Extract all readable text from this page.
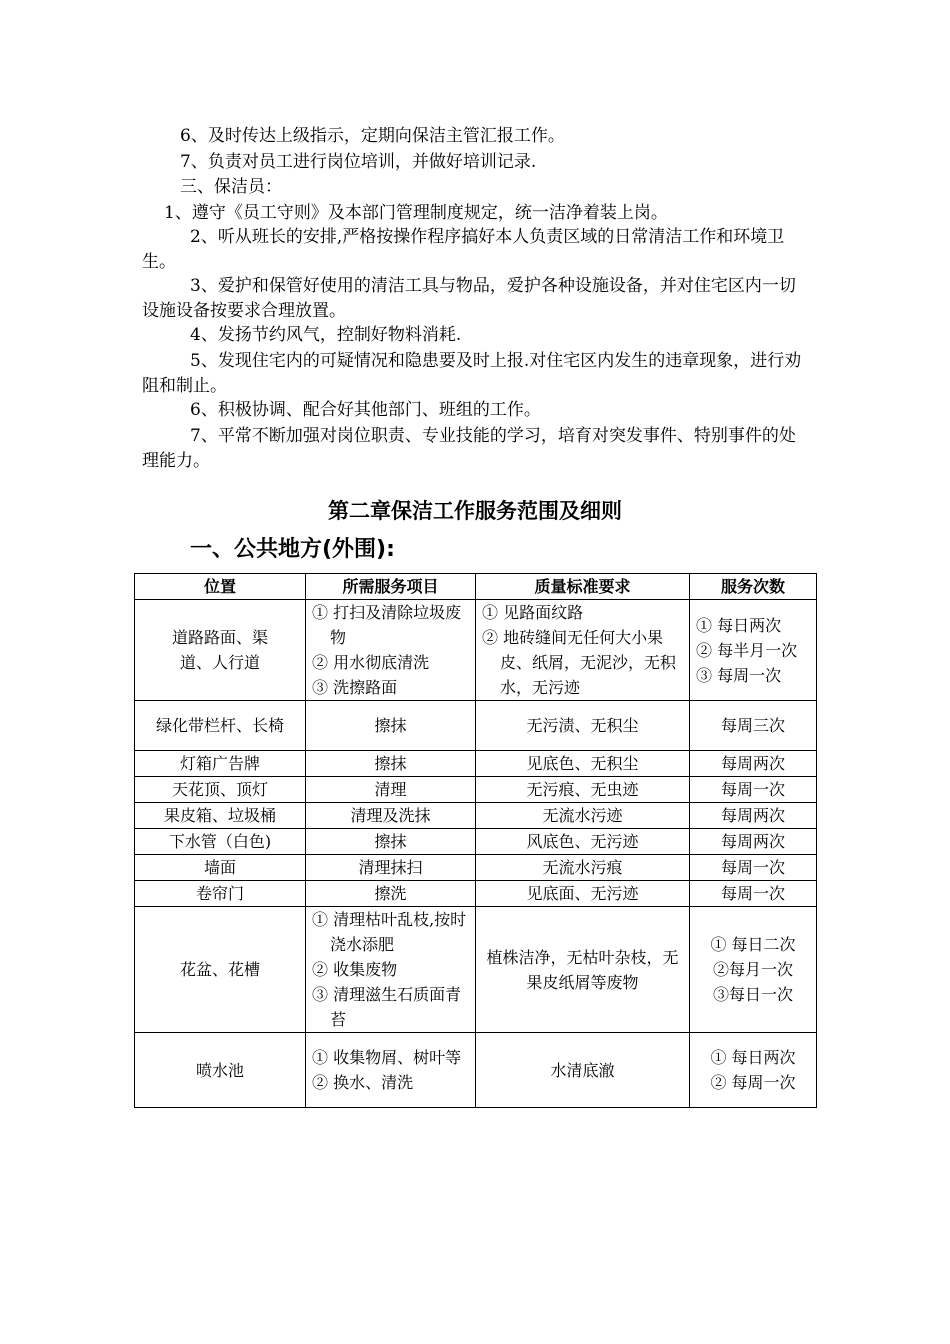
6、及时传达上级指示，定期向保洁主管汇报工作。

7、负责对员工进行岗位培训，并做好培训记录.

三、保洁员：

1、遵守《员工守则》及本部门管理制度规定，统一洁净着装上岗。

2、听从班长的安排,严格按操作程序搞好本人负责区域的日常清洁工作和环境卫生。

3、爱护和保管好使用的清洁工具与物品，爱护各种设施设备，并对住宅区内一切设施设备按要求合理放置。

4、发扬节约风气，控制好物料消耗.

5、发现住宅内的可疑情况和隐患要及时上报.对住宅区内发生的违章现象，进行劝阻和制止。

6、积极协调、配合好其他部门、班组的工作。

7、平常不断加强对岗位职责、专业技能的学习，培育对突发事件、特别事件的处理能力。

第二章保洁工作服务范围及细则
一、公共地方(外围):
位置	所需服务项目	质量标准要求	服务次数
道路路面、渠道、人行道	① 打扫及清除垃圾废物
② 用水彻底清洗
③ 洗擦路面	① 见路面纹路
② 地砖缝间无任何大小果皮、纸屑，无泥沙，无积水，无污迹	① 每日两次
② 每半月一次
③ 每周一次

绿化带栏杆、长椅	擦抹	无污渍、无积尘	每周三次
灯箱广告牌	擦抹	见底色、无积尘	每周两次
天花顶、顶灯	清理	无污痕、无虫迹	每周一次
果皮箱、垃圾桶	清理及洗抹	无流水污迹	每周两次
下水管（白色)	擦抹	风底色、无污迹	每周两次
墙面	清理抹扫	无流水污痕	每周一次
卷帘门	擦洗	见底面、无污迹	每周一次
花盆、花槽	① 清理枯叶乱枝,按时浇水添肥
② 收集废物
③ 清理滋生石质面青苔	植株洁净，无枯叶杂枝，无果皮纸屑等废物	① 每日二次
②每月一次
③每日一次

喷水池	① 收集物屑、树叶等
② 换水、清洗	水清底澈	① 每日两次
② 每周一次
